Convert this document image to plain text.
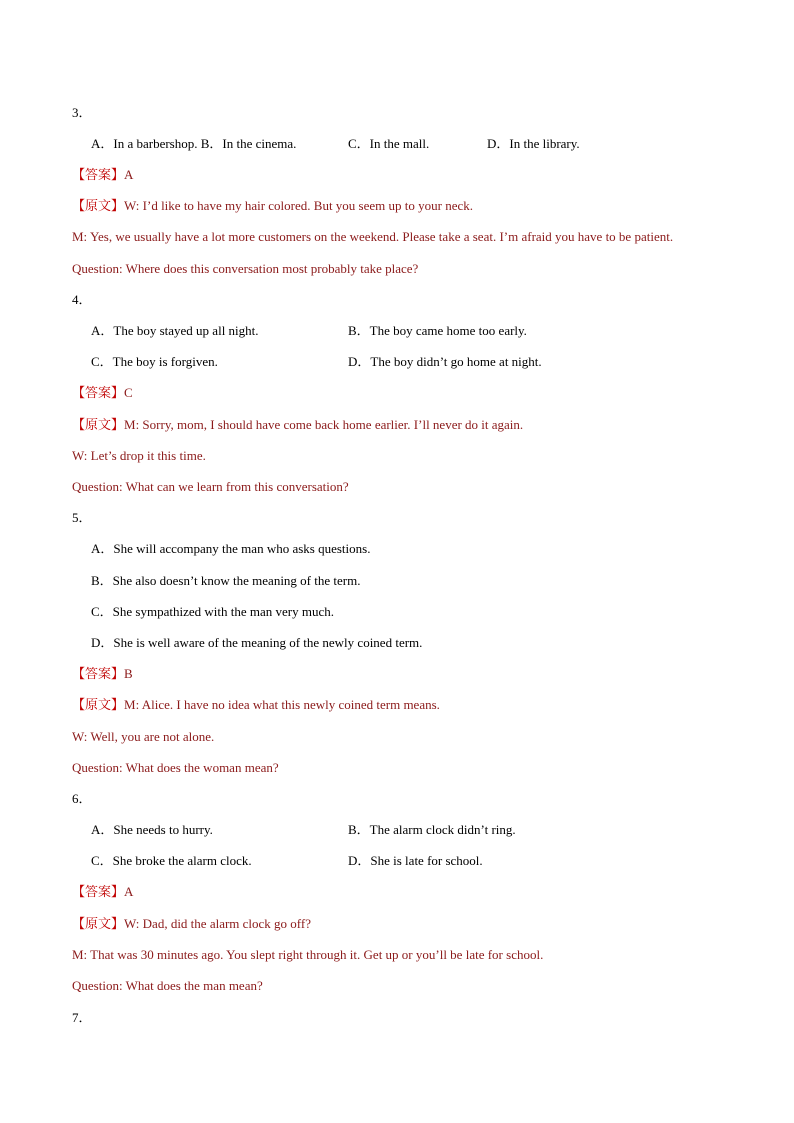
3．
A．In a barbershop. B．In the cinema.	C．In the mall.	D．In the library.
【答案】A
【原文】W: I’d like to have my hair colored. But you seem up to your neck.
M: Yes, we usually have a lot more customers on the weekend. Please take a seat. I’m afraid you have to be patient.
Question: Where does this conversation most probably take place?
4．
A．The boy stayed up all night.	B．The boy came home too early.
C．The boy is forgiven.	D．The boy didn’t go home at night.
【答案】C
【原文】M: Sorry, mom, I should have come back home earlier. I’ll never do it again.
W: Let’s drop it this time.
Question: What can we learn from this conversation?
5．
A．She will accompany the man who asks questions.
B．She also doesn’t know the meaning of the term.
C．She sympathized with the man very much.
D．She is well aware of the meaning of the newly coined term.
【答案】B
【原文】M: Alice. I have no idea what this newly coined term means.
W: Well, you are not alone.
Question: What does the woman mean?
6．
A．She needs to hurry.	B．The alarm clock didn’t ring.
C．She broke the alarm clock.	D．She is late for school.
【答案】A
【原文】W: Dad, did the alarm clock go off?
M: That was 30 minutes ago. You slept right through it. Get up or you’ll be late for school.
Question: What does the man mean?
7．
